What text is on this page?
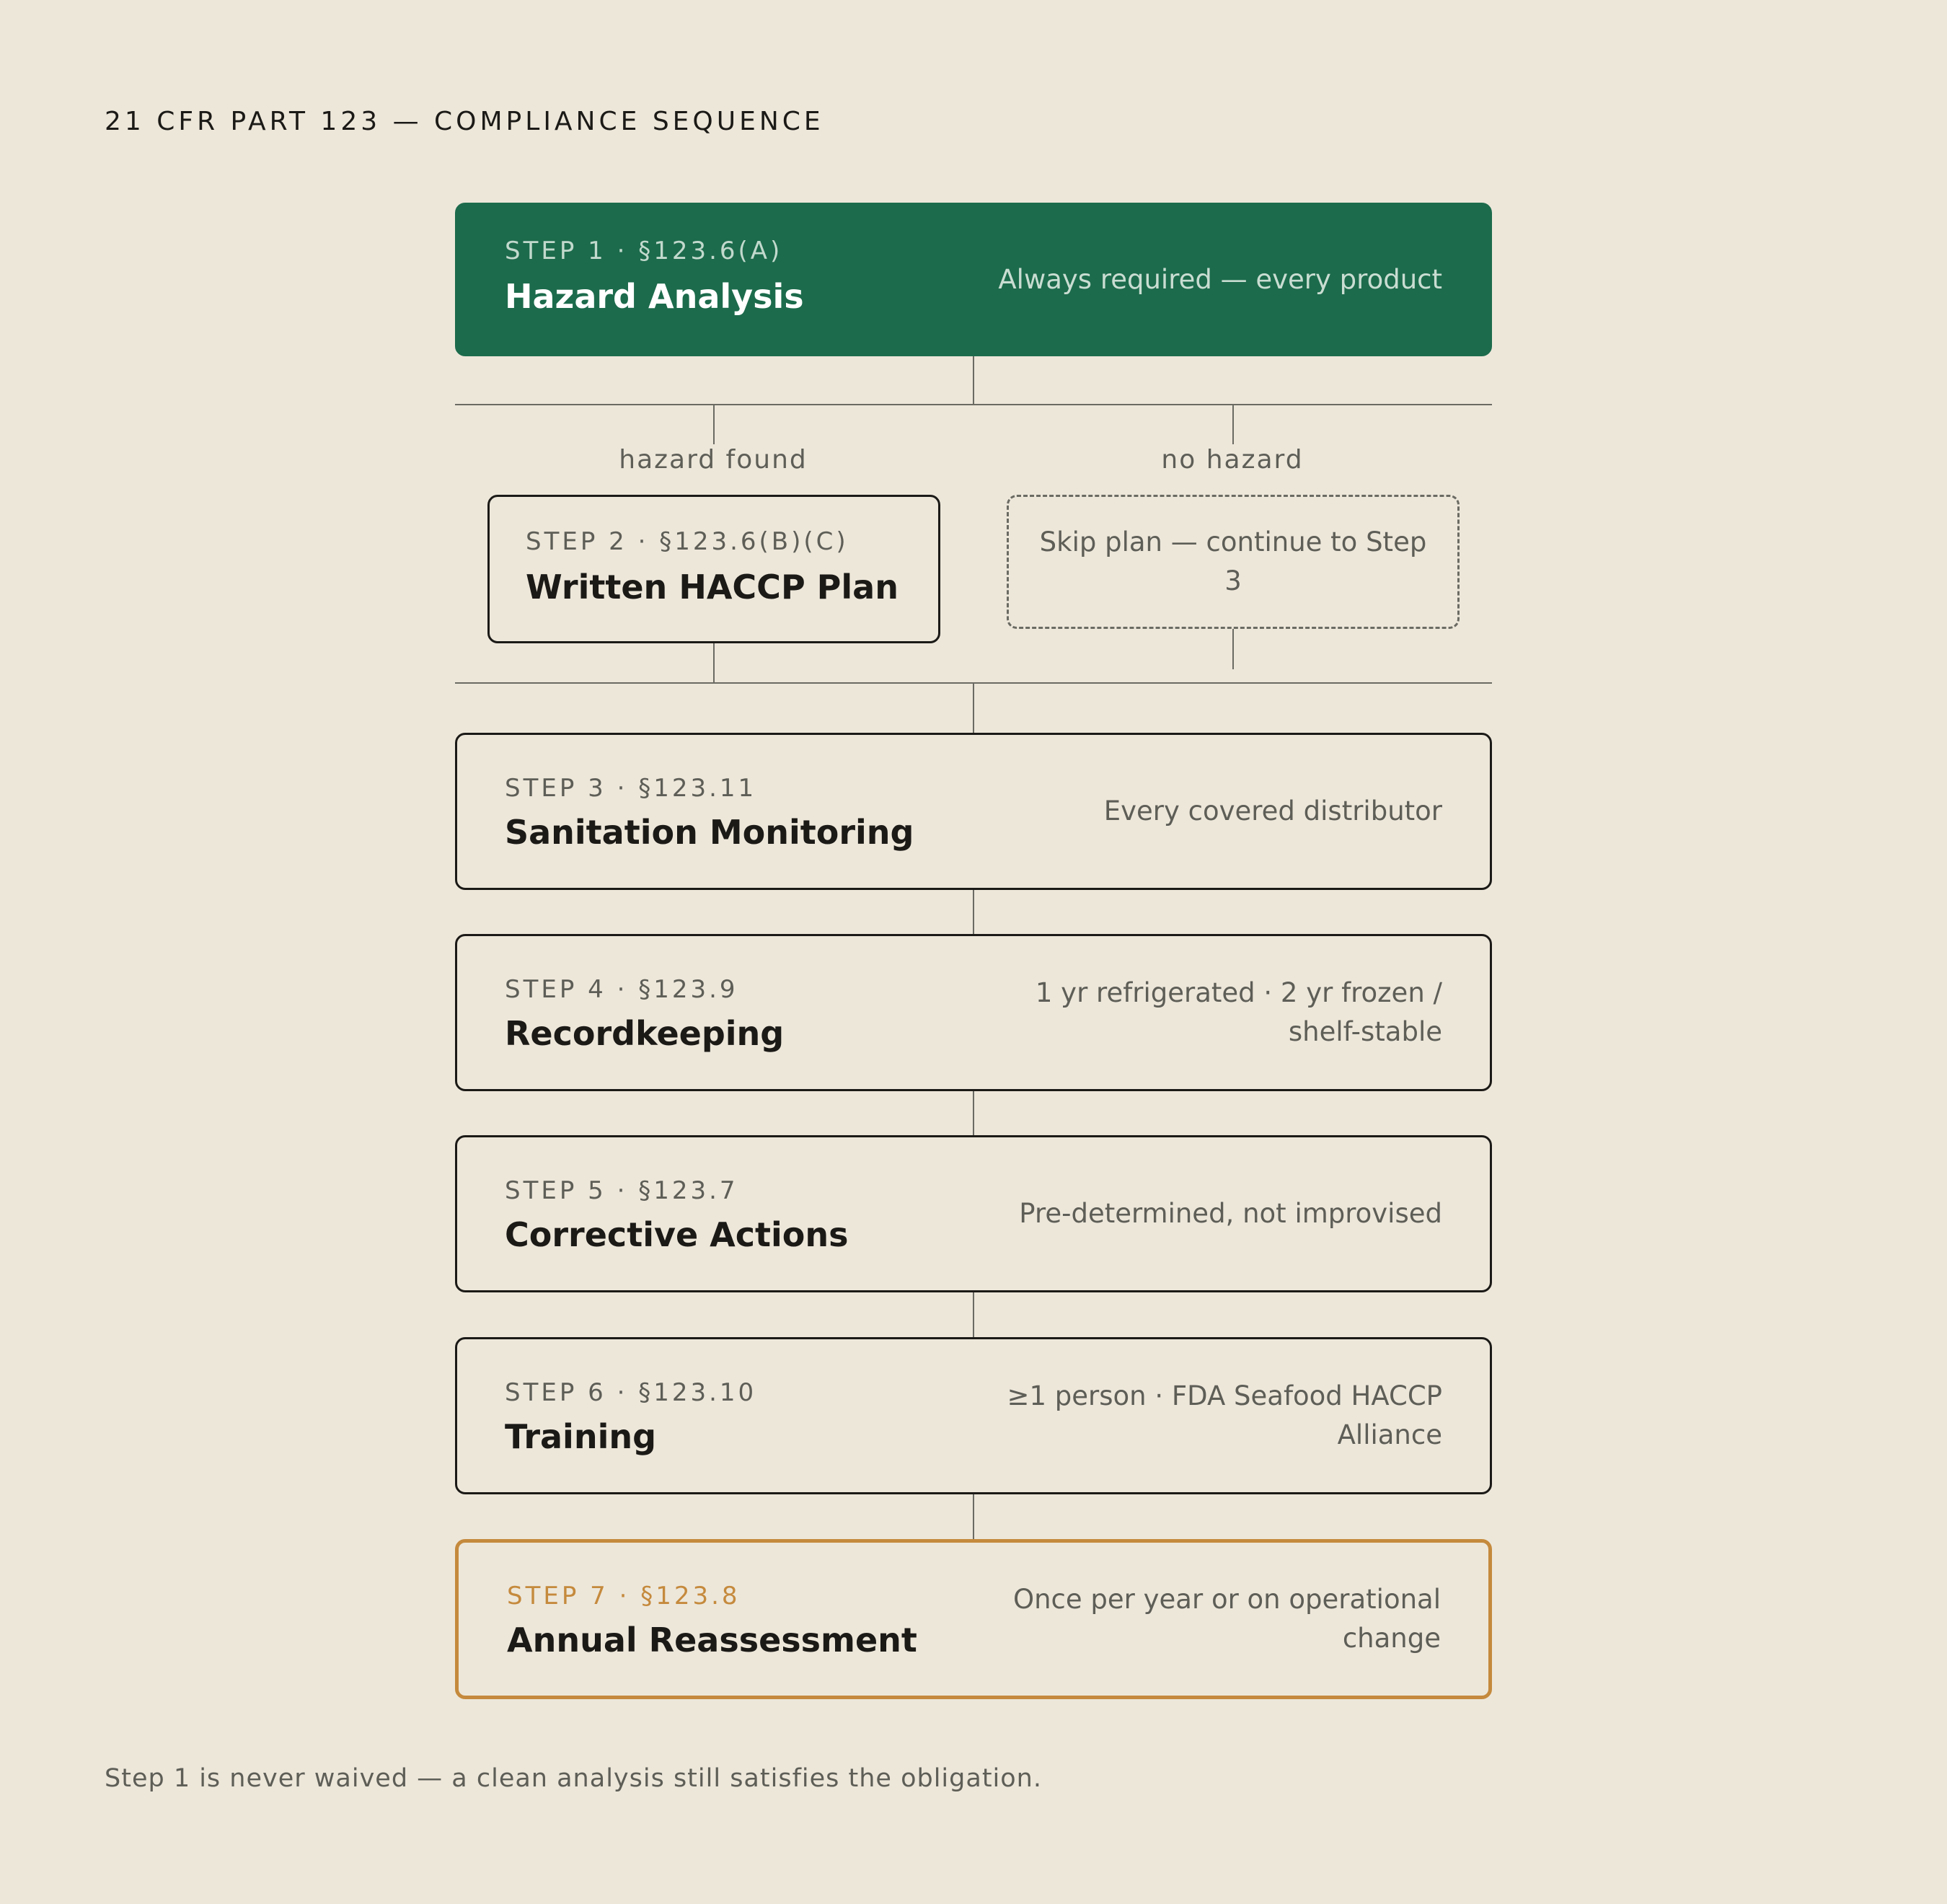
21 CFR PART 123 — COMPLIANCE SEQUENCE
STEP 1 · §123.6(A)
Hazard Analysis	Always required — every product
hazard found	no hazard
STEP 2 · §123.6(B)(C)
Written HACCP Plan
Skip plan — continue to Step 3
STEP 3 · §123.11
Sanitation Monitoring
Every covered distributor
STEP 4 · §123.9
Recordkeeping
1 yr refrigerated · 2 yr frozen / shelf-stable
STEP 5 · §123.7
Corrective Actions
Pre-determined, not improvised
STEP 6 · §123.10
Training
≥1 person · FDA Seafood HACCP Alliance
STEP 7 · §123.8
Annual Reassessment
Once per year or on operational change
Step 1 is never waived — a clean analysis still satisfies the obligation.
